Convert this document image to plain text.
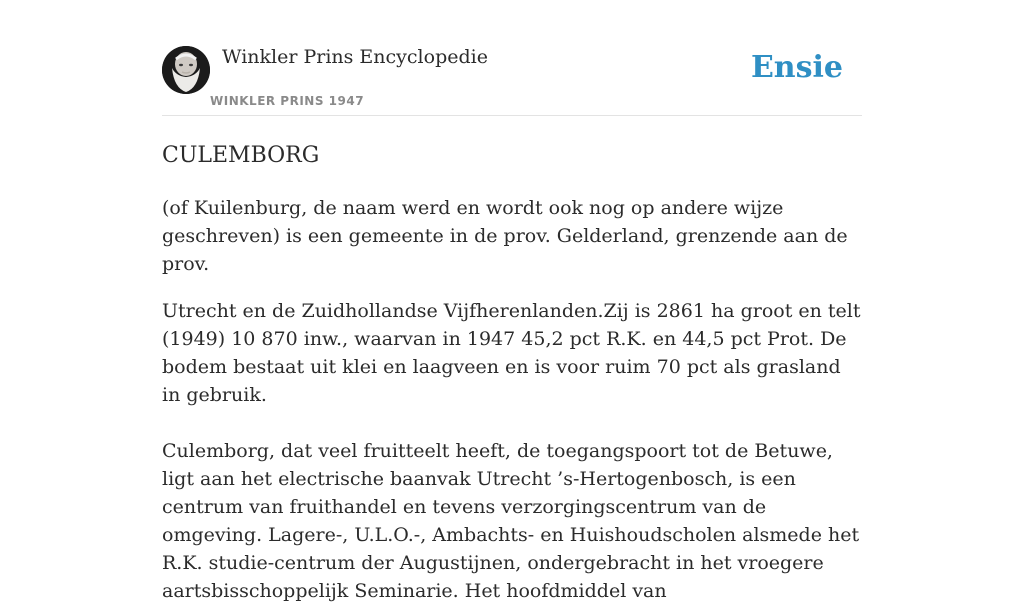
Winkler Prins Encyclopedie
WINKLER PRINS 1947
Ensie
CULEMBORG

(of Kuilenburg, de naam werd en wordt ook nog op andere wijze geschreven) is een gemeente in de prov. Gelderland, grenzende aan de prov.

Utrecht en de Zuidhollandse Vijfherenlanden.Zij is 2861 ha groot en telt (1949) 10 870 inw., waarvan in 1947 45,2 pct R.K. en 44,5 pct Prot. De bodem bestaat uit klei en laagveen en is voor ruim 70 pct als grasland in gebruik.

Culemborg, dat veel fruitteelt heeft, de toegangspoort tot de Betuwe, ligt aan het electrische baanvak Utrecht ’s-Hertogenbosch, is een centrum van fruithandel en tevens verzorgingscentrum van de omgeving. Lagere-, U.L.O.-, Ambachts- en Huishoudscholen alsmede het R.K. studie-centrum der Augustijnen, ondergebracht in het vroegere aartsbisschoppelijk Seminarie. Het hoofdmiddel van
